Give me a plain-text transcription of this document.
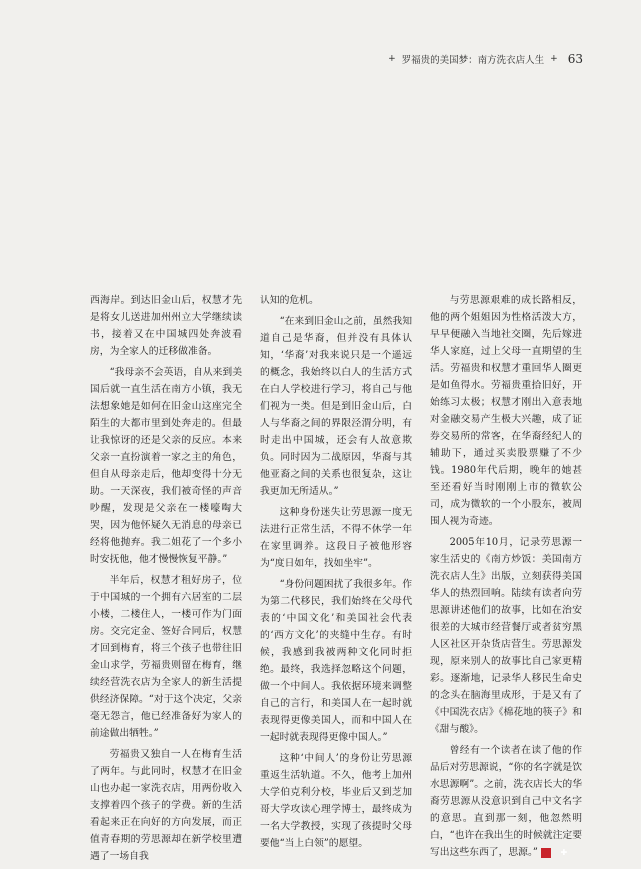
+ 罗福贵的美国梦：南方洗衣店人生 + 63

西海岸。到达旧金山后，权慧才先是将女儿送进加州州立大学继续读书，接着又在中国城四处奔波看房，为全家人的迁移做准备。

“我母亲不会英语，自从来到美国后就一直生活在南方小镇，我无法想象她是如何在旧金山这座完全陌生的大都市里到处奔走的。但最让我惊讶的还是父亲的反应。本来父亲一直扮演着一家之主的角色，但自从母亲走后，他却变得十分无助。一天深夜，我们被奇怪的声音吵醒，发现是父亲在一楼嚎啕大哭，因为他怀疑久无消息的母亲已经将他抛弃。我二姐花了一个多小时安抚他，他才慢慢恢复平静。”

半年后，权慧才租好房子，位于中国城的一个拥有六居室的二层小楼，二楼住人，一楼可作为门面房。交完定金、签好合同后，权慧才回到梅育，将三个孩子也带往旧金山求学，劳福贵则留在梅育，继续经营洗衣店为全家人的新生活提供经济保障。“对于这个决定，父亲毫无怨言，他已经准备好为家人的前途做出牺牲。”

劳福贵又独自一人在梅育生活了两年。与此同时，权慧才在旧金山也办起一家洗衣店，用两份收入支撑着四个孩子的学费。新的生活看起来正在向好的方向发展，而正值青春期的劳思源却在新学校里遭遇了一场自我

认知的危机。

“在来到旧金山之前，虽然我知道自己是华裔，但并没有具体认知，‘华裔’对我来说只是一个遥远的概念，我始终以白人的生活方式在白人学校进行学习，将自己与他们视为一类。但是到旧金山后，白人与华裔之间的界限泾渭分明，有时走出中国城，还会有人故意欺负。同时因为二战原因，华裔与其他亚裔之间的关系也很复杂，这让我更加无所适从。”

这种身份迷失让劳思源一度无法进行正常生活，不得不休学一年在家里调养。这段日子被他形容为“度日如年，找如坐牢”。

“身份问题困扰了我很多年。作为第二代移民，我们始终在父母代表的‘中国文化’和美国社会代表的‘西方文化’的夹缝中生存。有时候，我感到我被两种文化同时拒绝。最终，我选择忽略这个问题，做一个中间人。我依据环境来调整自己的言行，和美国人在一起时就表现得更像美国人，而和中国人在一起时就表现得更像中国人。”

这种‘中间人’的身份让劳思源重返生活轨道。不久，他考上加州大学伯克利分校，毕业后又到芝加哥大学攻读心理学博士，最终成为一名大学教授，实现了孩提时父母要他“当上白领”的愿望。

与劳思源艰难的成长路相反，他的两个姐姐因为性格活泼大方，早早便融入当地社交圈，先后嫁进华人家庭，过上父母一直期望的生活。劳福贵和权慧才重回华人圈更是如鱼得水。劳福贵重拾旧好，开始练习太极；权慧才刚出入意表地对金融交易产生极大兴趣，成了证券交易所的常客，在华裔经纪人的辅助下，通过买卖股票赚了不少钱。1980年代后期，晚年的她甚至还看好当时刚刚上市的微软公司，成为微软的一个小股东，被周围人视为奇迹。

2005年10月，记录劳思源一家生活史的《南方炒饭：美国南方洗衣店人生》出版，立刻获得美国华人的热烈回响。陆续有读者向劳思源讲述他们的故事，比如在治安很差的大城市经营餐厅或者贫穷黑人区社区开杂货店营生。劳思源发现，原来别人的故事比自己家更精彩。逐渐地，记录华人移民生命史的念头在脑海里成形，于是又有了《中国洗衣店》《棉花地的筷子》和《甜与酸》。

曾经有一个读者在读了他的作品后对劳思源说，“你的名字就是饮水思源啊”。之前，洗衣店长大的华裔劳思源从没意识到自己中文名字的意思。直到那一刻，他忽然明白，“也许在我出生的时候就注定要写出这些东西了，思源。”	✚
